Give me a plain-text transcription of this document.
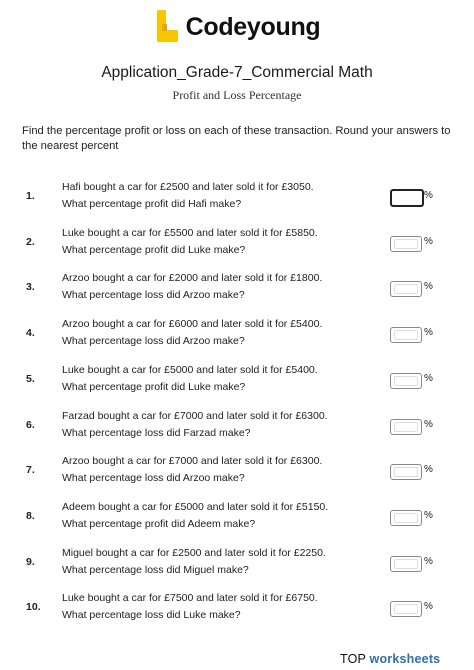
Codeyoung
Application_Grade-7_Commercial Math
Profit and Loss Percentage
Find the percentage profit or loss on each of these transaction. Round your answers to the nearest percent
1.
Hafi bought a car for £2500 and later sold it for £3050.
What percentage profit did Hafi make?
%
2.
Luke bought a car for £5500 and later sold it for £5850.
What percentage profit did Luke make?
%
3.
Arzoo bought a car for £2000 and later sold it for £1800.
What percentage loss did Arzoo make?
%
4.
Arzoo bought a car for £6000 and later sold it for £5400.
What percentage loss did Arzoo make?
%
5.
Luke bought a car for £5000 and later sold it for £5400.
What percentage profit did Luke make?
%
6.
Farzad bought a car for £7000 and later sold it for £6300.
What percentage loss did Farzad make?
%
7.
Arzoo bought a car for £7000 and later sold it for £6300.
What percentage loss did Arzoo make?
%
8.
Adeem bought a car for £5000 and later sold it for £5150.
What percentage profit did Adeem make?
%
9.
Miguel bought a car for £2500 and later sold it for £2250.
What percentage loss did Miguel make?
%
10.
Luke bought a car for £7500 and later sold it for £6750.
What percentage loss did Luke make?
%
TOP worksheets
